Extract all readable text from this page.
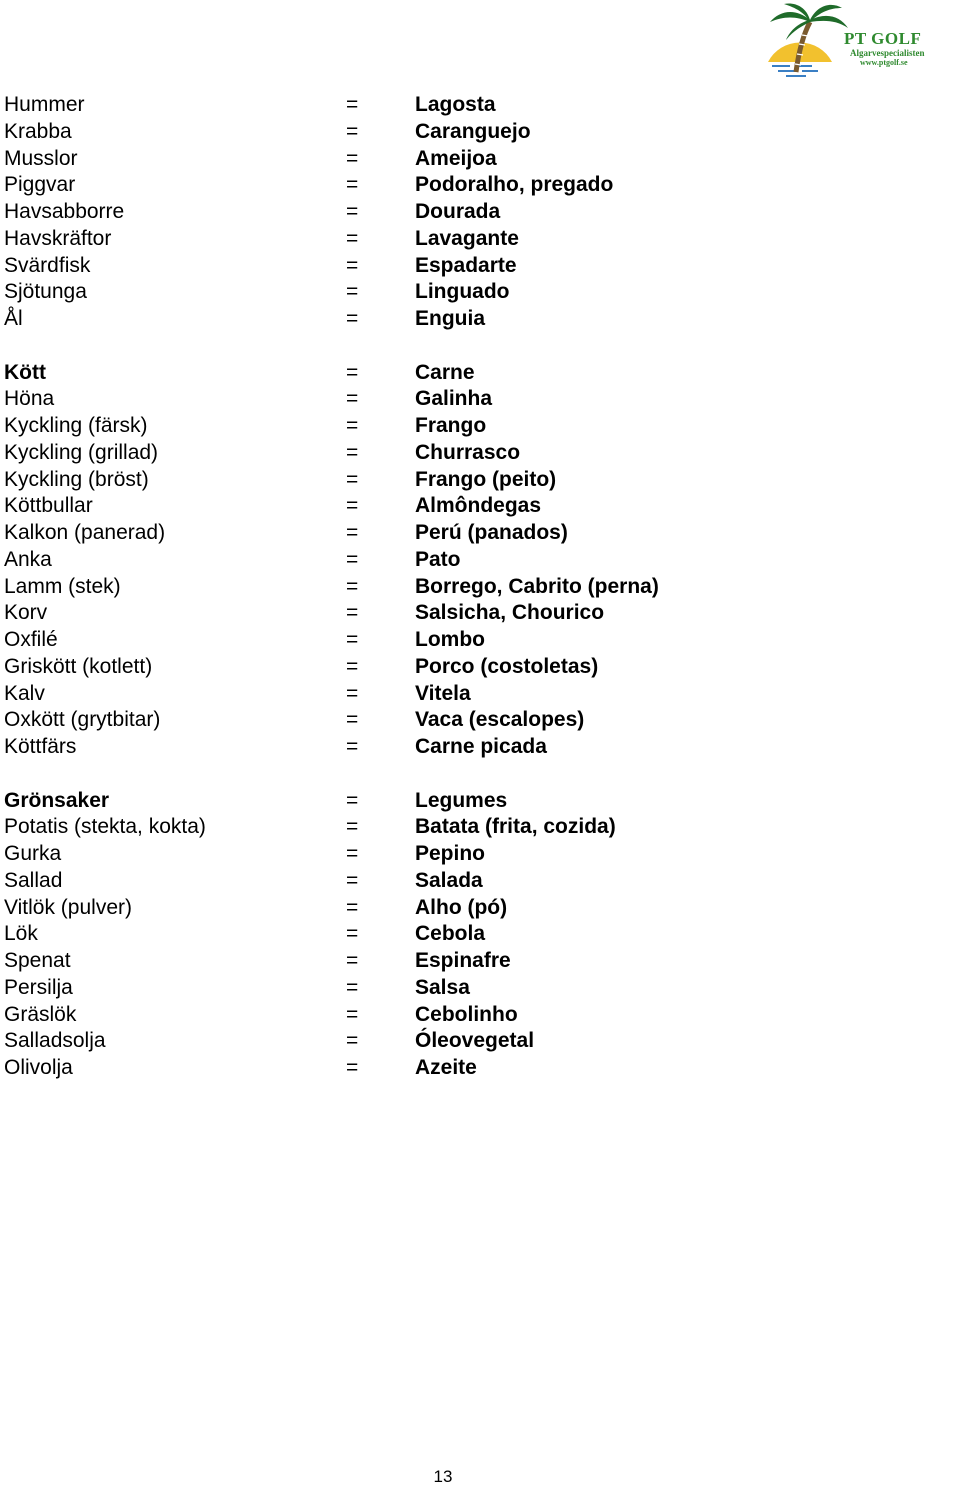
PT GOLF
Algarvespecialisten
www.ptgolf.se
Hummer	=	Lagosta
Krabba	=	Caranguejo
Musslor	=	Ameijoa
Piggvar	=	Podoralho, pregado
Havsabborre	=	Dourada
Havskräftor	=	Lavagante
Svärdfisk	=	Espadarte
Sjötunga	=	Linguado
Ål	=	Enguia
Kött	=	Carne
Höna	=	Galinha
Kyckling (färsk)	=	Frango
Kyckling (grillad)	=	Churrasco
Kyckling (bröst)	=	Frango (peito)
Köttbullar	=	Almôndegas
Kalkon (panerad)	=	Perú (panados)
Anka	=	Pato
Lamm (stek)	=	Borrego, Cabrito (perna)
Korv	=	Salsicha, Chourico
Oxfilé	=	Lombo
Griskött (kotlett)	=	Porco (costoletas)
Kalv	=	Vitela
Oxkött (grytbitar)	=	Vaca (escalopes)
Köttfärs	=	Carne picada
Grönsaker	=	Legumes
Potatis (stekta, kokta)	=	Batata (frita, cozida)
Gurka	=	Pepino
Sallad	=	Salada
Vitlök (pulver)	=	Alho (pó)
Lök	=	Cebola
Spenat	=	Espinafre
Persilja	=	Salsa
Gräslök	=	Cebolinho
Salladsolja	=	Óleovegetal
Olivolja	=	Azeite
13
